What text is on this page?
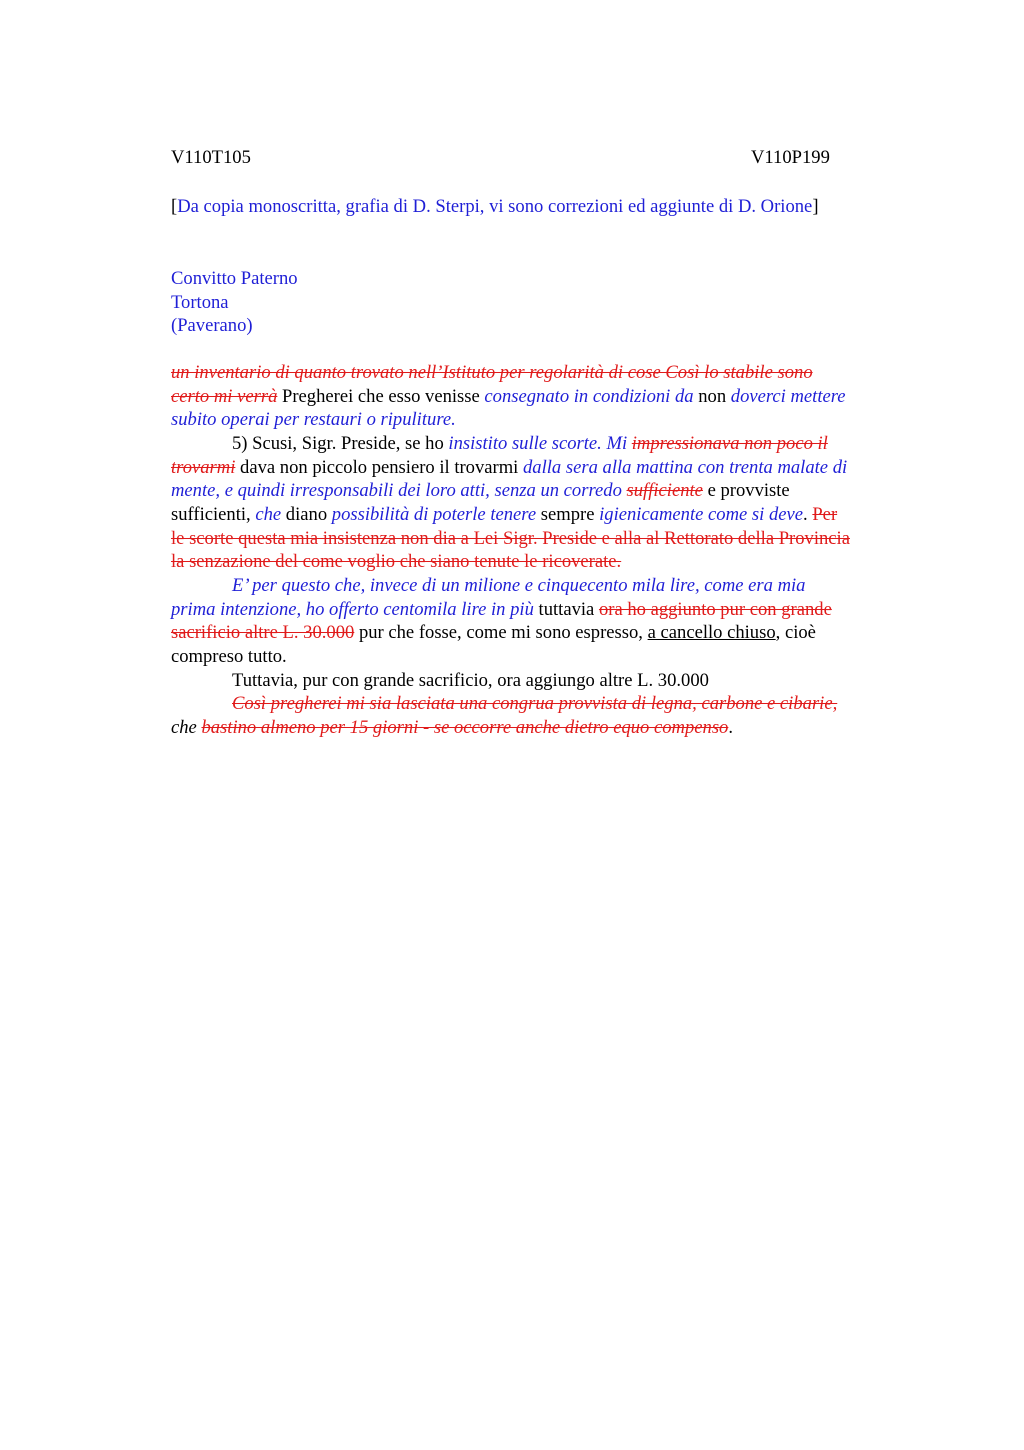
V110T105	V110P199
[Da copia monoscritta, grafia di D. Sterpi, vi sono correzioni ed aggiunte di D. Orione]
Convitto Paterno
Tortona
(Paverano)
un inventario di quanto trovato nell’Istituto per regolarità di cose Così lo stabile sono
certo mi verrà Pregherei che esso venisse consegnato in condizioni da non doverci mettere
subito operai per restauri o ripuliture.
5) Scusi, Sigr. Preside, se ho insistito sulle scorte. Mi impressionava non poco il
trovarmi dava non piccolo pensiero il trovarmi dalla sera alla mattina con trenta malate di
mente, e quindi irresponsabili dei loro atti, senza un corredo sufficiente e provviste
sufficienti, che diano possibilità di poterle tenere sempre igienicamente come si deve. Per
le scorte questa mia insistenza non dia a Lei Sigr. Preside e alla al Rettorato della Provincia
la senzazione del come voglio che siano tenute le ricoverate.
E’ per questo che, invece di un milione e cinquecento mila lire, come era mia
prima intenzione, ho offerto centomila lire in più tuttavia ora ho aggiunto pur con grande
sacrificio altre L. 30.000 pur che fosse, come mi sono espresso, a cancello chiuso, cioè
compreso tutto.
Tuttavia, pur con grande sacrificio, ora aggiungo altre L. 30.000
Così pregherei mi sia lasciata una congrua provvista di legna, carbone e cibarie,
che bastino almeno per 15 giorni - se occorre anche dietro equo compenso.
